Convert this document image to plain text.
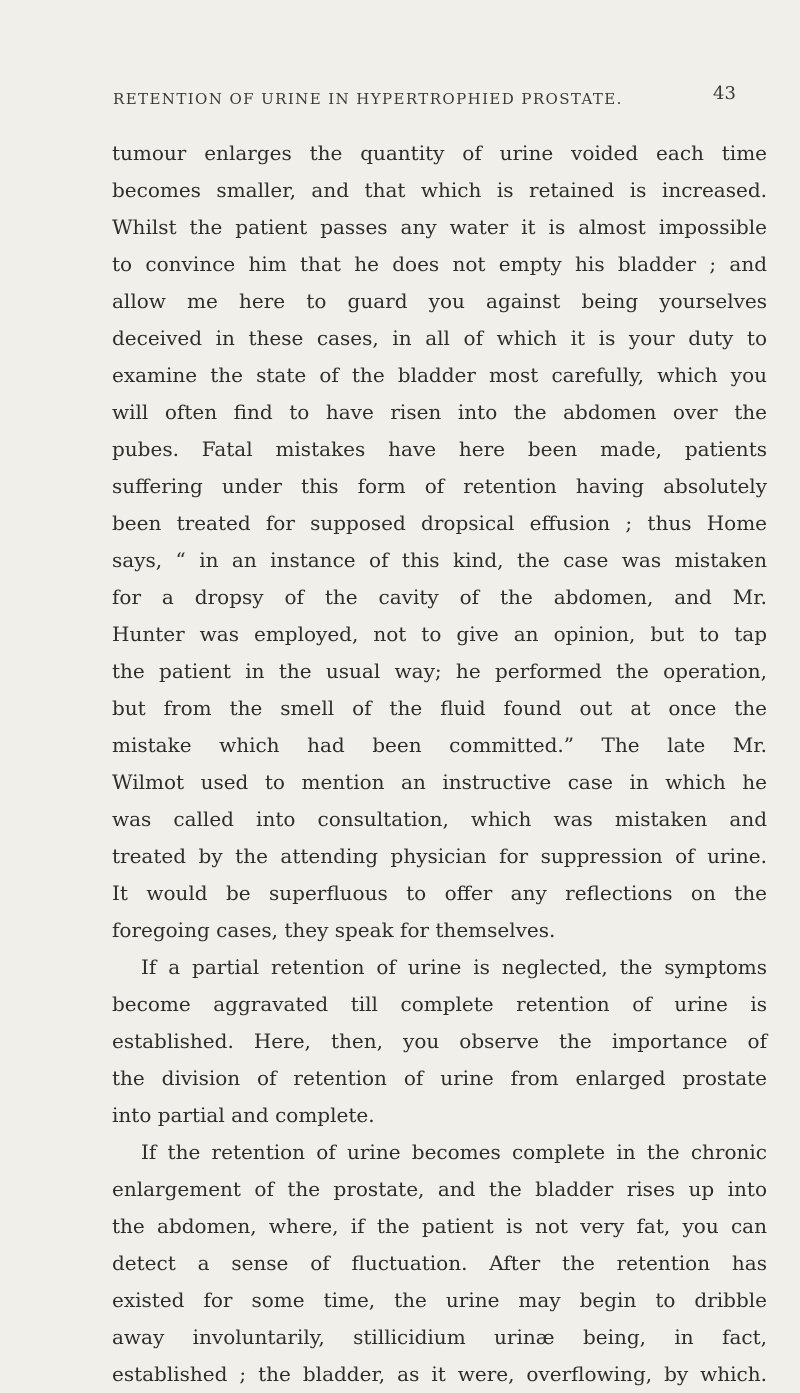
RETENTION OF URINE IN HYPERTROPHIED PROSTATE.	43
tumour enlarges the quantity of urine voided each time
becomes smaller, and that which is retained is increased.
Whilst the patient passes any water it is almost impossible
to convince him that he does not empty his bladder ; and
allow me here to guard you against being yourselves
deceived in these cases, in all of which it is your duty to
examine the state of the bladder most carefully, which you
will often find to have risen into the abdomen over the
pubes. Fatal mistakes have here been made, patients
suffering under this form of retention having absolutely
been treated for supposed dropsical effusion ; thus Home
says, “ in an instance of this kind, the case was mistaken
for a dropsy of the cavity of the abdomen, and Mr.
Hunter was employed, not to give an opinion, but to tap
the patient in the usual way; he performed the operation,
but from the smell of the fluid found out at once the
mistake which had been committed.” The late Mr.
Wilmot used to mention an instructive case in which he
was called into consultation, which was mistaken and
treated by the attending physician for suppression of urine.
It would be superfluous to offer any reflections on the
foregoing cases, they speak for themselves.
If a partial retention of urine is neglected, the symptoms
become aggravated till complete retention of urine is
established. Here, then, you observe the importance of
the division of retention of urine from enlarged prostate
into partial and complete.
If the retention of urine becomes complete in the chronic
enlargement of the prostate, and the bladder rises up into
the abdomen, where, if the patient is not very fat, you can
detect a sense of fluctuation. After the retention has
existed for some time, the urine may begin to dribble
away involuntarily, stillicidium urinæ being, in fact,
established ; the bladder, as it were, overflowing, by which.
